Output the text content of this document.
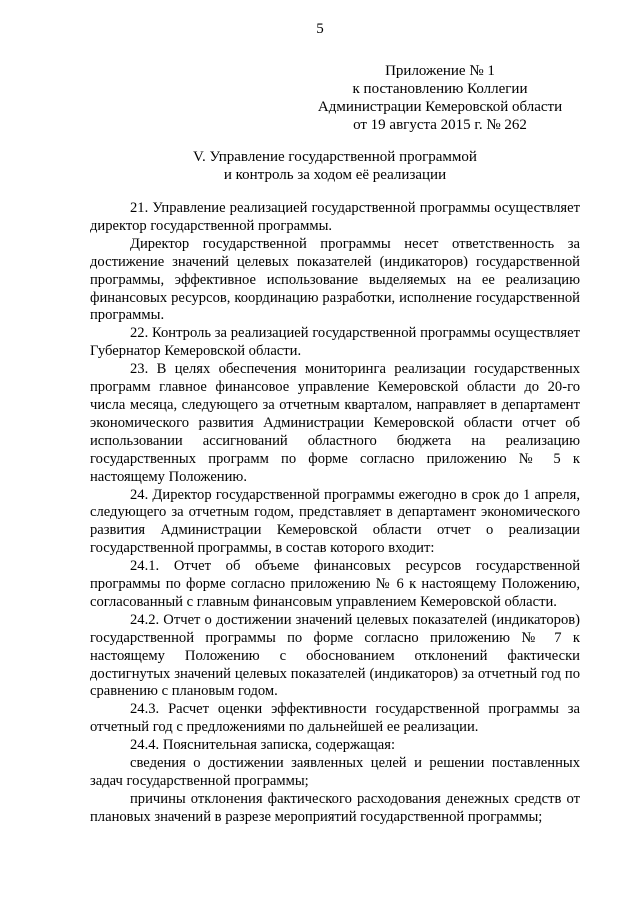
5
Приложение № 1
к постановлению Коллегии
Администрации Кемеровской области
от 19 августа 2015 г. № 262
V. Управление государственной программой
и контроль за ходом её реализации

21. Управление реализацией государственной программы осуществляет директор государственной программы.

Директор государственной программы несет ответственность за достижение значений целевых показателей (индикаторов) государственной программы, эффективное использование выделяемых на ее реализацию финансовых ресурсов, координацию разработки, исполнение государственной программы.

22. Контроль за реализацией государственной программы осуществляет Губернатор Кемеровской области.

23. В целях обеспечения мониторинга реализации государственных программ главное финансовое управление Кемеровской области до 20-го числа месяца, следующего за отчетным кварталом, направляет в департамент экономического развития Администрации Кемеровской области отчет об использовании ассигнований областного бюджета на реализацию государственных программ по форме согласно приложению № 5 к настоящему Положению.

24. Директор государственной программы ежегодно в срок до 1 апреля, следующего за отчетным годом, представляет в департамент экономического развития Администрации Кемеровской области отчет о реализации государственной программы, в состав которого входит:

24.1. Отчет об объеме финансовых ресурсов государственной программы по форме согласно приложению № 6 к настоящему Положению, согласованный с главным финансовым управлением Кемеровской области.

24.2. Отчет о достижении значений целевых показателей (индикаторов) государственной программы по форме согласно приложению № 7 к настоящему Положению с обоснованием отклонений фактически достигнутых значений целевых показателей (индикаторов) за отчетный год по сравнению с плановым годом.

24.3. Расчет оценки эффективности государственной программы за отчетный год с предложениями по дальнейшей ее реализации.

24.4. Пояснительная записка, содержащая:

сведения о достижении заявленных целей и решении поставленных задач государственной программы;

причины отклонения фактического расходования денежных средств от плановых значений в разрезе мероприятий государственной программы;
